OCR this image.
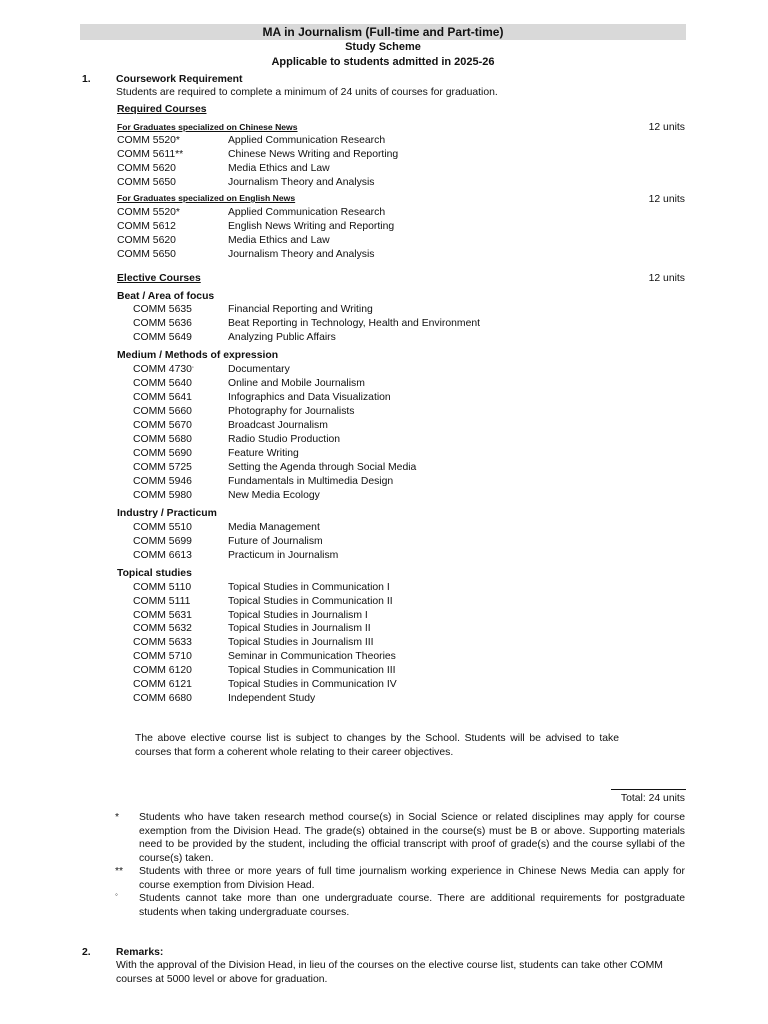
MA in Journalism (Full-time and Part-time)
Study Scheme
Applicable to students admitted in 2025-26
1. Coursework Requirement
Students are required to complete a minimum of 24 units of courses for graduation.
Required Courses
For Graduates specialized on Chinese News	12 units
COMM 5520*	Applied Communication Research
COMM 5611**	Chinese News Writing and Reporting
COMM 5620	Media Ethics and Law
COMM 5650	Journalism Theory and Analysis
For Graduates specialized on English News	12 units
COMM 5520*	Applied Communication Research
COMM 5612	English News Writing and Reporting
COMM 5620	Media Ethics and Law
COMM 5650	Journalism Theory and Analysis
Elective Courses	12 units
Beat / Area of focus
COMM 5635	Financial Reporting and Writing
COMM 5636	Beat Reporting in Technology, Health and Environment
COMM 5649	Analyzing Public Affairs
Medium / Methods of expression
COMM 4730◦	Documentary
COMM 5640	Online and Mobile Journalism
COMM 5641	Infographics and Data Visualization
COMM 5660	Photography for Journalists
COMM 5670	Broadcast Journalism
COMM 5680	Radio Studio Production
COMM 5690	Feature Writing
COMM 5725	Setting the Agenda through Social Media
COMM 5946	Fundamentals in Multimedia Design
COMM 5980	New Media Ecology
Industry / Practicum
COMM 5510	Media Management
COMM 5699	Future of Journalism
COMM 6613	Practicum in Journalism
Topical studies
COMM 5110	Topical Studies in Communication I
COMM 5111	Topical Studies in Communication II
COMM 5631	Topical Studies in Journalism I
COMM 5632	Topical Studies in Journalism II
COMM 5633	Topical Studies in Journalism III
COMM 5710	Seminar in Communication Theories
COMM 6120	Topical Studies in Communication III
COMM 6121	Topical Studies in Communication IV
COMM 6680	Independent Study
The above elective course list is subject to changes by the School. Students will be advised to take courses that form a coherent whole relating to their career objectives.
Total: 24 units
* Students who have taken research method course(s) in Social Science or related disciplines may apply for course exemption from the Division Head. The grade(s) obtained in the course(s) must be B or above. Supporting materials need to be provided by the student, including the official transcript with proof of grade(s) and the course syllabi of the course(s) taken.
** Students with three or more years of full time journalism working experience in Chinese News Media can apply for course exemption from Division Head.
◦ Students cannot take more than one undergraduate course. There are additional requirements for postgraduate students when taking undergraduate courses.
2. Remarks:
With the approval of the Division Head, in lieu of the courses on the elective course list, students can take other COMM courses at 5000 level or above for graduation.
